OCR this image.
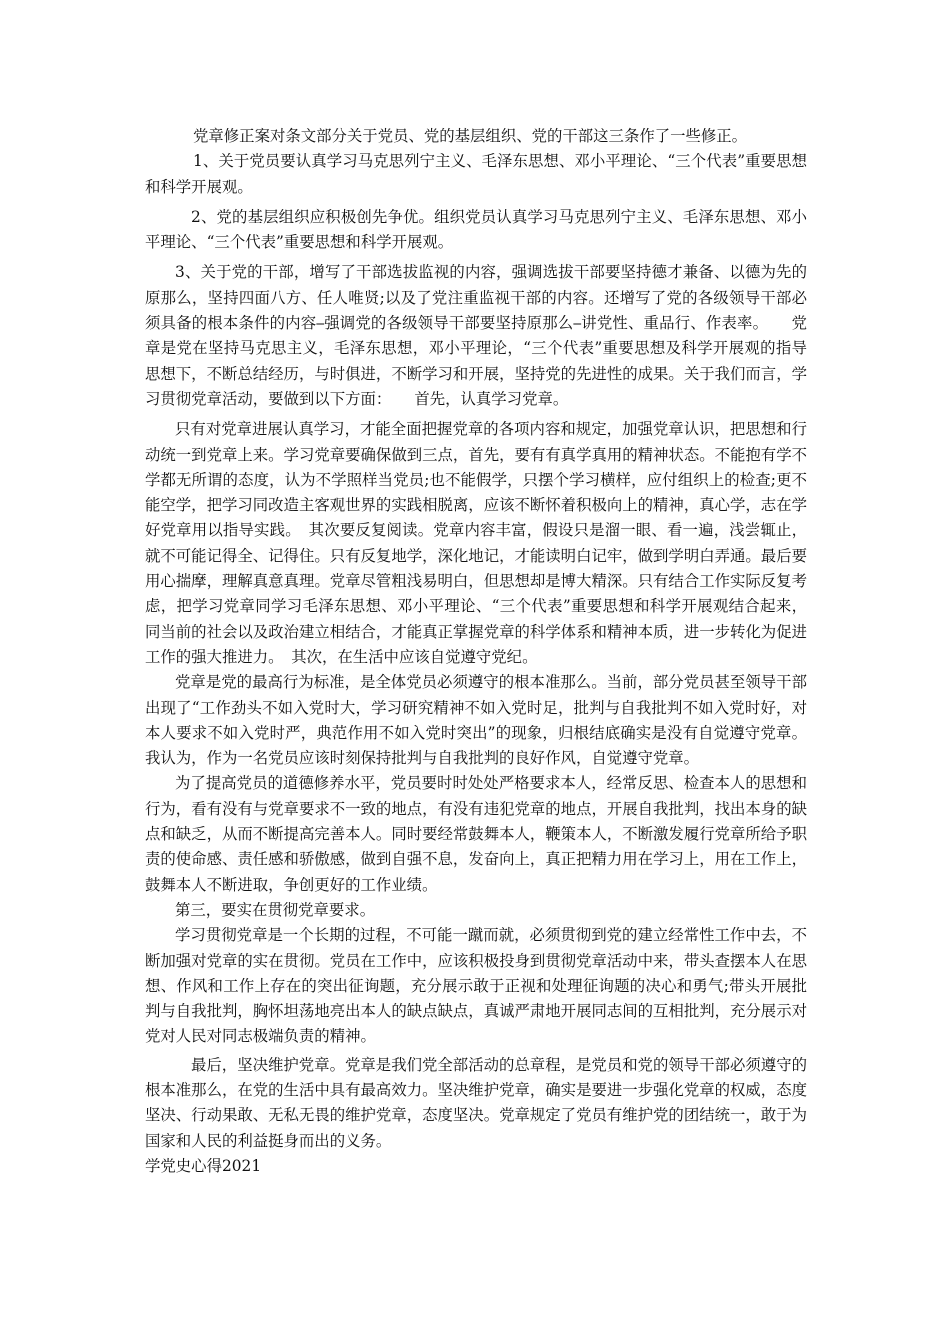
党章修正案对条文部分关于党员、党的基层组织、党的干部这三条作了一些修正。

1、关于党员要认真学习马克思列宁主义、毛泽东思想、邓小平理论、“三个代表”重要思想和科学开展观。

2、党的基层组织应积极创先争优。组织党员认真学习马克思列宁主义、毛泽东思想、邓小平理论、“三个代表”重要思想和科学开展观。

3、关于党的干部，增写了干部选拔监视的内容，强调选拔干部要坚持德才兼备、以德为先的原那么，坚持四面八方、任人唯贤;以及了党注重监视干部的内容。还增写了党的各级领导干部必须具备的根本条件的内容⎯强调党的各级领导干部要坚持原那么⎯讲党性、重品行、作表率。　　党章是党在坚持马克思主义，毛泽东思想，邓小平理论，“三个代表”重要思想及科学开展观的指导思想下，不断总结经历，与时俱进，不断学习和开展，坚持党的先进性的成果。关于我们而言，学习贯彻党章活动，要做到以下方面：　　首先，认真学习党章。

只有对党章进展认真学习，才能全面把握党章的各项内容和规定，加强党章认识，把思想和行动统一到党章上来。学习党章要确保做到三点，首先，要有有真学真用的精神状态。不能抱有学不学都无所谓的态度，认为不学照样当党员;也不能假学，只摆个学习横样，应付组织上的检查;更不能空学，把学习同改造主客观世界的实践相脱离，应该不断怀着积极向上的精神，真心学，志在学好党章用以指导实践。　其次要反复阅读。党章内容丰富，假设只是溜一眼、看一遍，浅尝辄止，就不可能记得全、记得住。只有反复地学，深化地记，才能读明白记牢，做到学明白弄通。最后要用心揣摩，理解真意真理。党章尽管粗浅易明白，但思想却是博大精深。只有结合工作实际反复考虑，把学习党章同学习毛泽东思想、邓小平理论、“三个代表”重要思想和科学开展观结合起来，同当前的社会以及政治建立相结合，才能真正掌握党章的科学体系和精神本质，进一步转化为促进工作的强大推进力。　其次，在生活中应该自觉遵守党纪。

党章是党的最高行为标准，是全体党员必须遵守的根本准那么。当前，部分党员甚至领导干部出现了“工作劲头不如入党时大，学习研究精神不如入党时足，批判与自我批判不如入党时好，对本人要求不如入党时严，典范作用不如入党时突出”的现象，归根结底确实是没有自觉遵守党章。我认为，作为一名党员应该时刻保持批判与自我批判的良好作风，自觉遵守党章。

为了提高党员的道德修养水平，党员要时时处处严格要求本人，经常反思、检查本人的思想和行为，看有没有与党章要求不一致的地点，有没有违犯党章的地点，开展自我批判，找出本身的缺点和缺乏，从而不断提高完善本人。同时要经常鼓舞本人，鞭策本人，不断激发履行党章所给予职责的使命感、责任感和骄傲感，做到自强不息，发奋向上，真正把精力用在学习上，用在工作上，鼓舞本人不断进取，争创更好的工作业绩。

第三，要实在贯彻党章要求。

学习贯彻党章是一个长期的过程，不可能一蹴而就，必须贯彻到党的建立经常性工作中去，不断加强对党章的实在贯彻。党员在工作中，应该积极投身到贯彻党章活动中来，带头查摆本人在思想、作风和工作上存在的突出征询题，充分展示敢于正视和处理征询题的决心和勇气;带头开展批判与自我批判，胸怀坦荡地亮出本人的缺点缺点，真诚严肃地开展同志间的互相批判，充分展示对党对人民对同志极端负责的精神。

最后，坚决维护党章。党章是我们党全部活动的总章程，是党员和党的领导干部必须遵守的根本准那么，在党的生活中具有最高效力。坚决维护党章，确实是要进一步强化党章的权威，态度坚决、行动果敢、无私无畏的维护党章，态度坚决。党章规定了党员有维护党的团结统一，敢于为国家和人民的利益挺身而出的义务。

学党史心得2021
